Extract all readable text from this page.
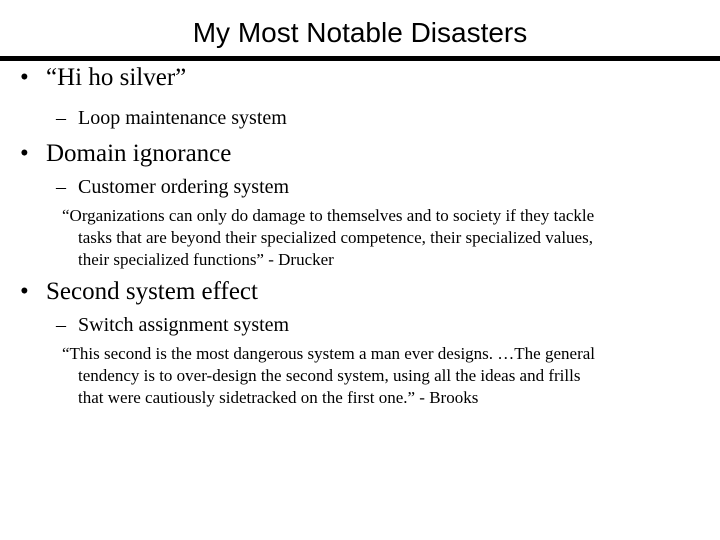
My Most Notable Disasters
• “Hi ho silver”
– Loop maintenance system
• Domain ignorance
– Customer ordering system
“Organizations can only do damage to themselves and to society if they tackle
tasks that are beyond their specialized competence, their specialized values,
their specialized functions” - Drucker
• Second system effect
– Switch assignment system
“This second is the most dangerous system a man ever designs. …The general
tendency is to over-design the second system, using all the ideas and frills
that were cautiously sidetracked on the first one.” - Brooks
